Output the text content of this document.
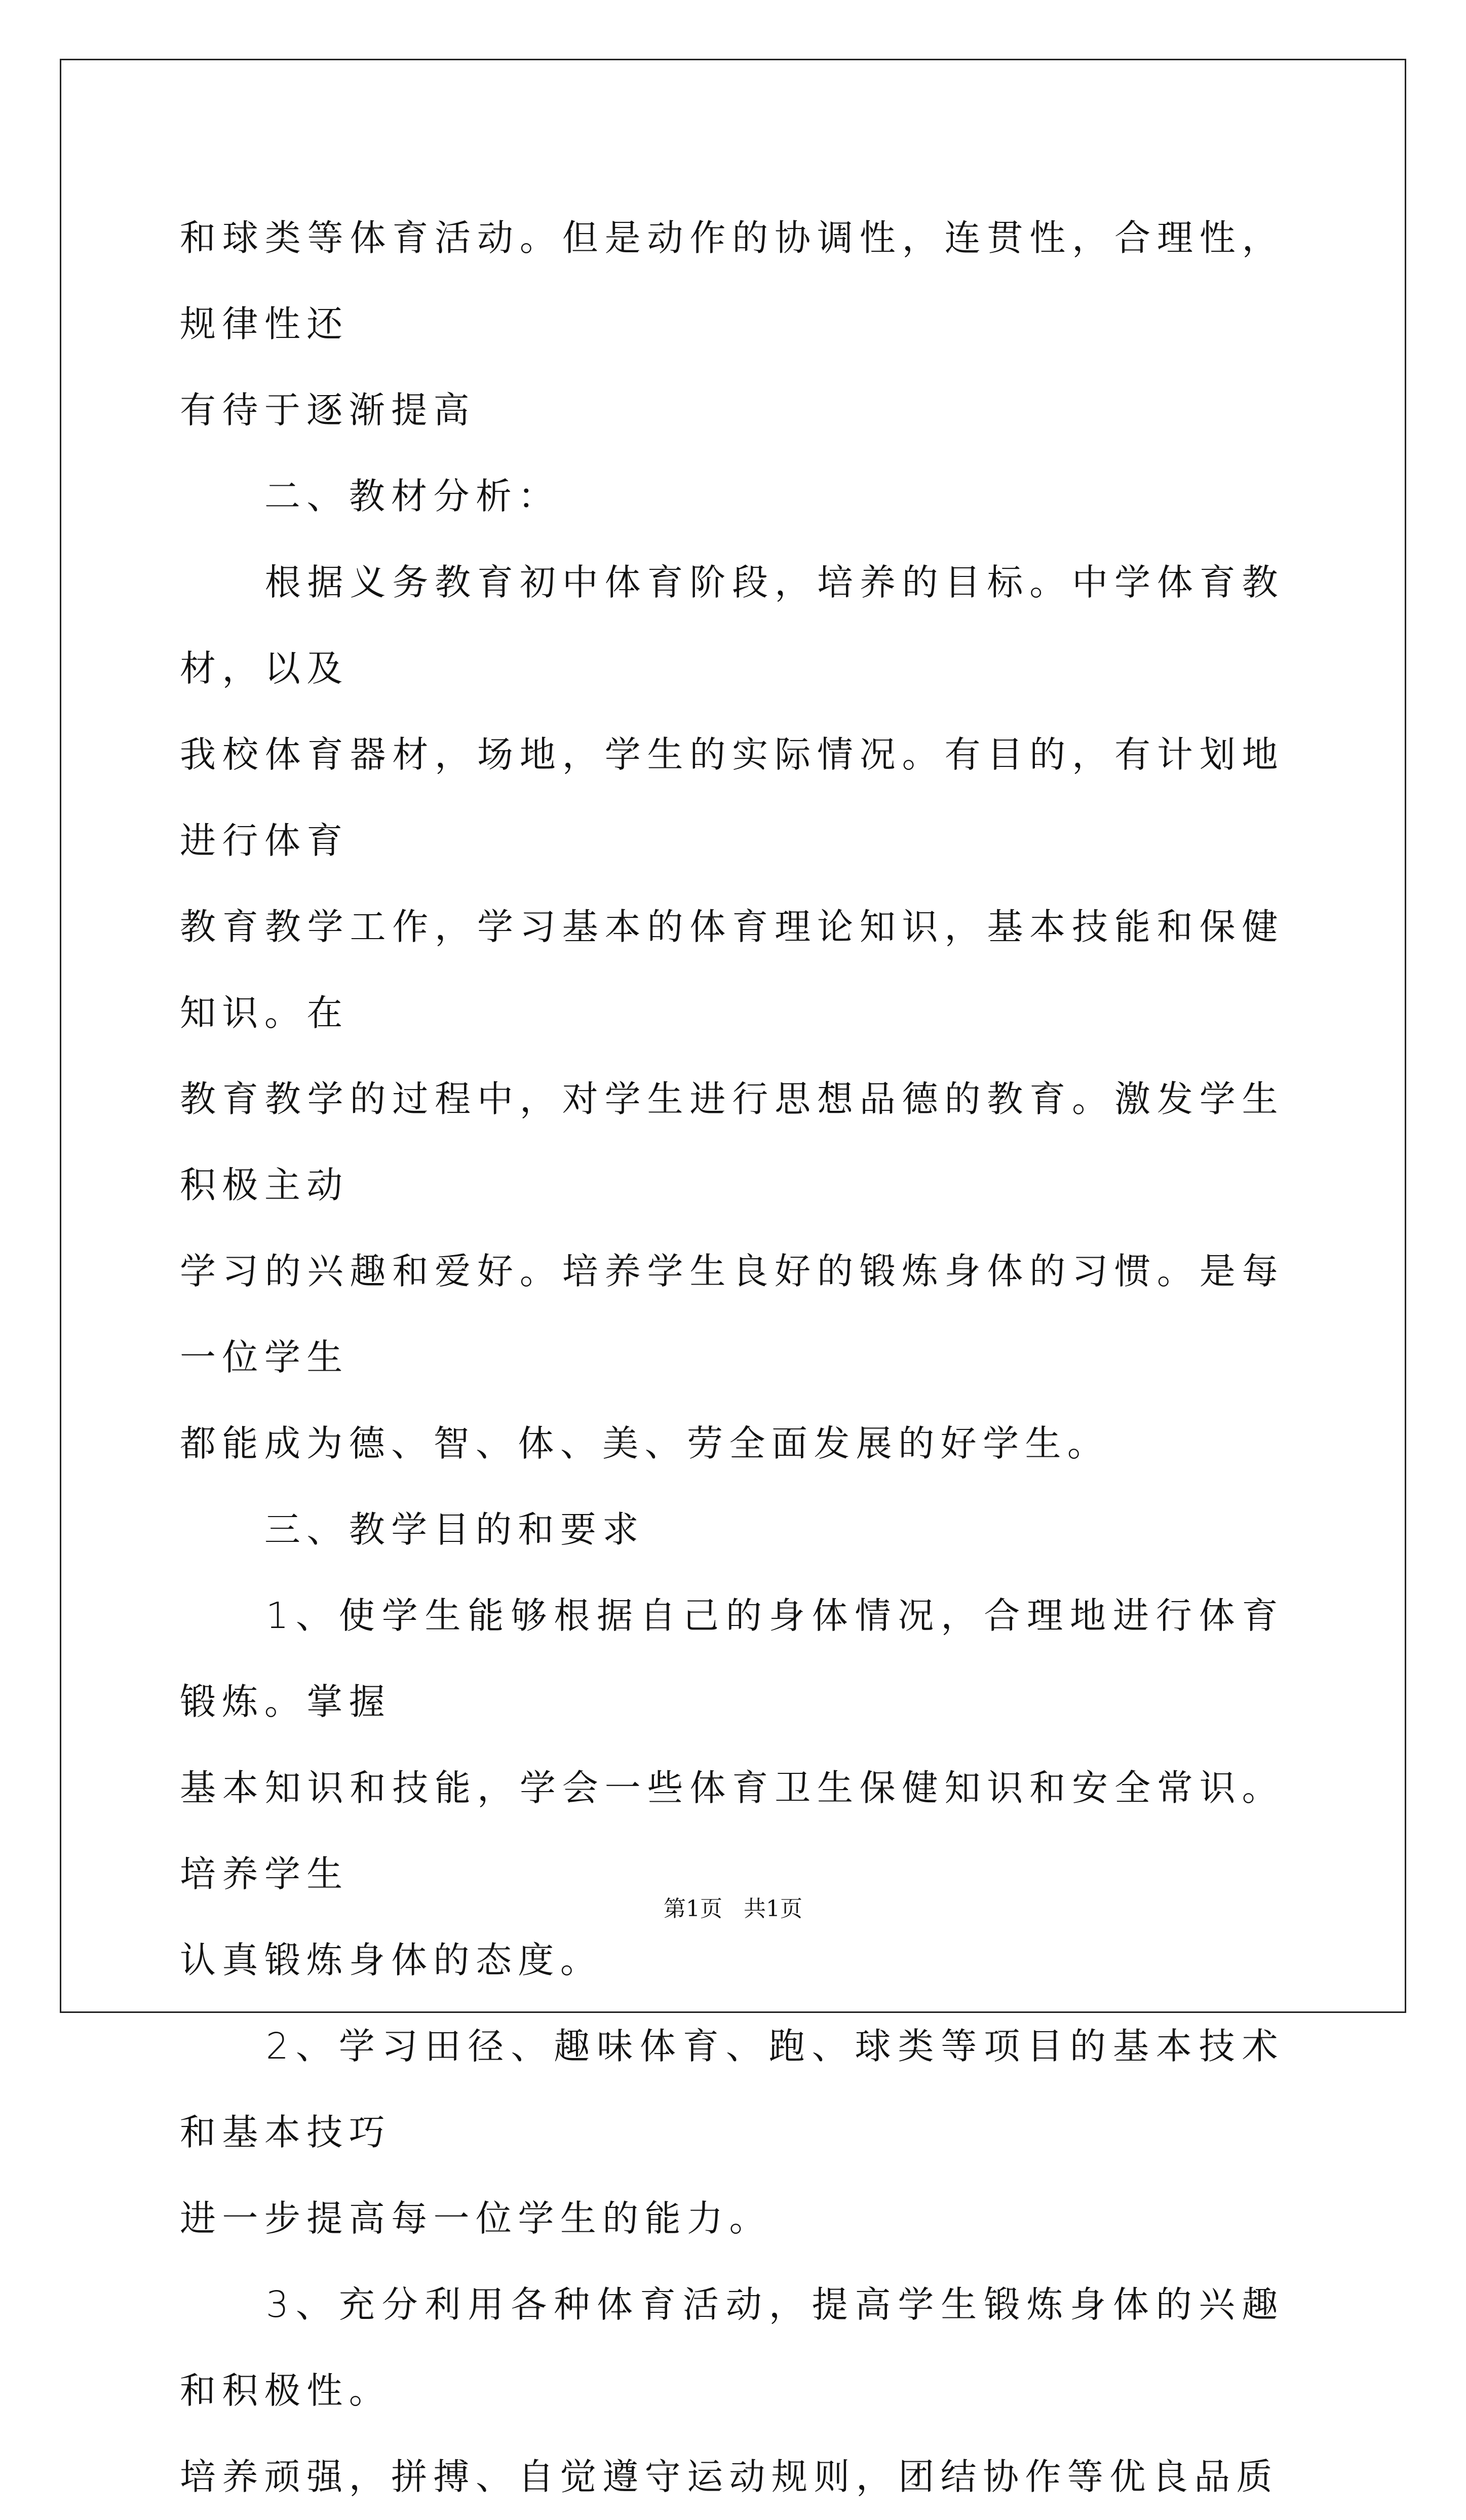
和球类等体育活动。但是动作的协调性，连贯性，合理性，规律性还
有待于逐渐提高

　　二、教材分析：

　　根据义务教育初中体育阶段，培养的目标。中学体育教材，以及
我校体育器材，场地，学生的实际情况。有目的，有计划地进行体育
教育教学工作，学习基本的体育理论知识，基本技能和保健知识。在
教育教学的过程中，对学生进行思想品德的教育。激发学生积极主动
学习的兴趣和爱好。培养学生良好的锻炼身体的习惯。是每一位学生
都能成为德、智、体、美、劳全面发展的好学生。

　　三、教学目的和要求

　　1、使学生能够根据自己的身体情况，合理地进行体育锻炼。掌握
基本知识和技能，学会一些体育卫生保健知识和安全常识。培养学生
认真锻炼身体的态度。

　　2、学习田径、趣味体育、跑、球类等项目的基本技术和基本技巧
进一步提高每一位学生的能力。

　　3、充分利用各种体育活动，提高学生锻炼身体的兴趣和积极性。
培养顽强，拼搏、自觉遵守运动规则，团结协作等优良品质

第1页 共1页
